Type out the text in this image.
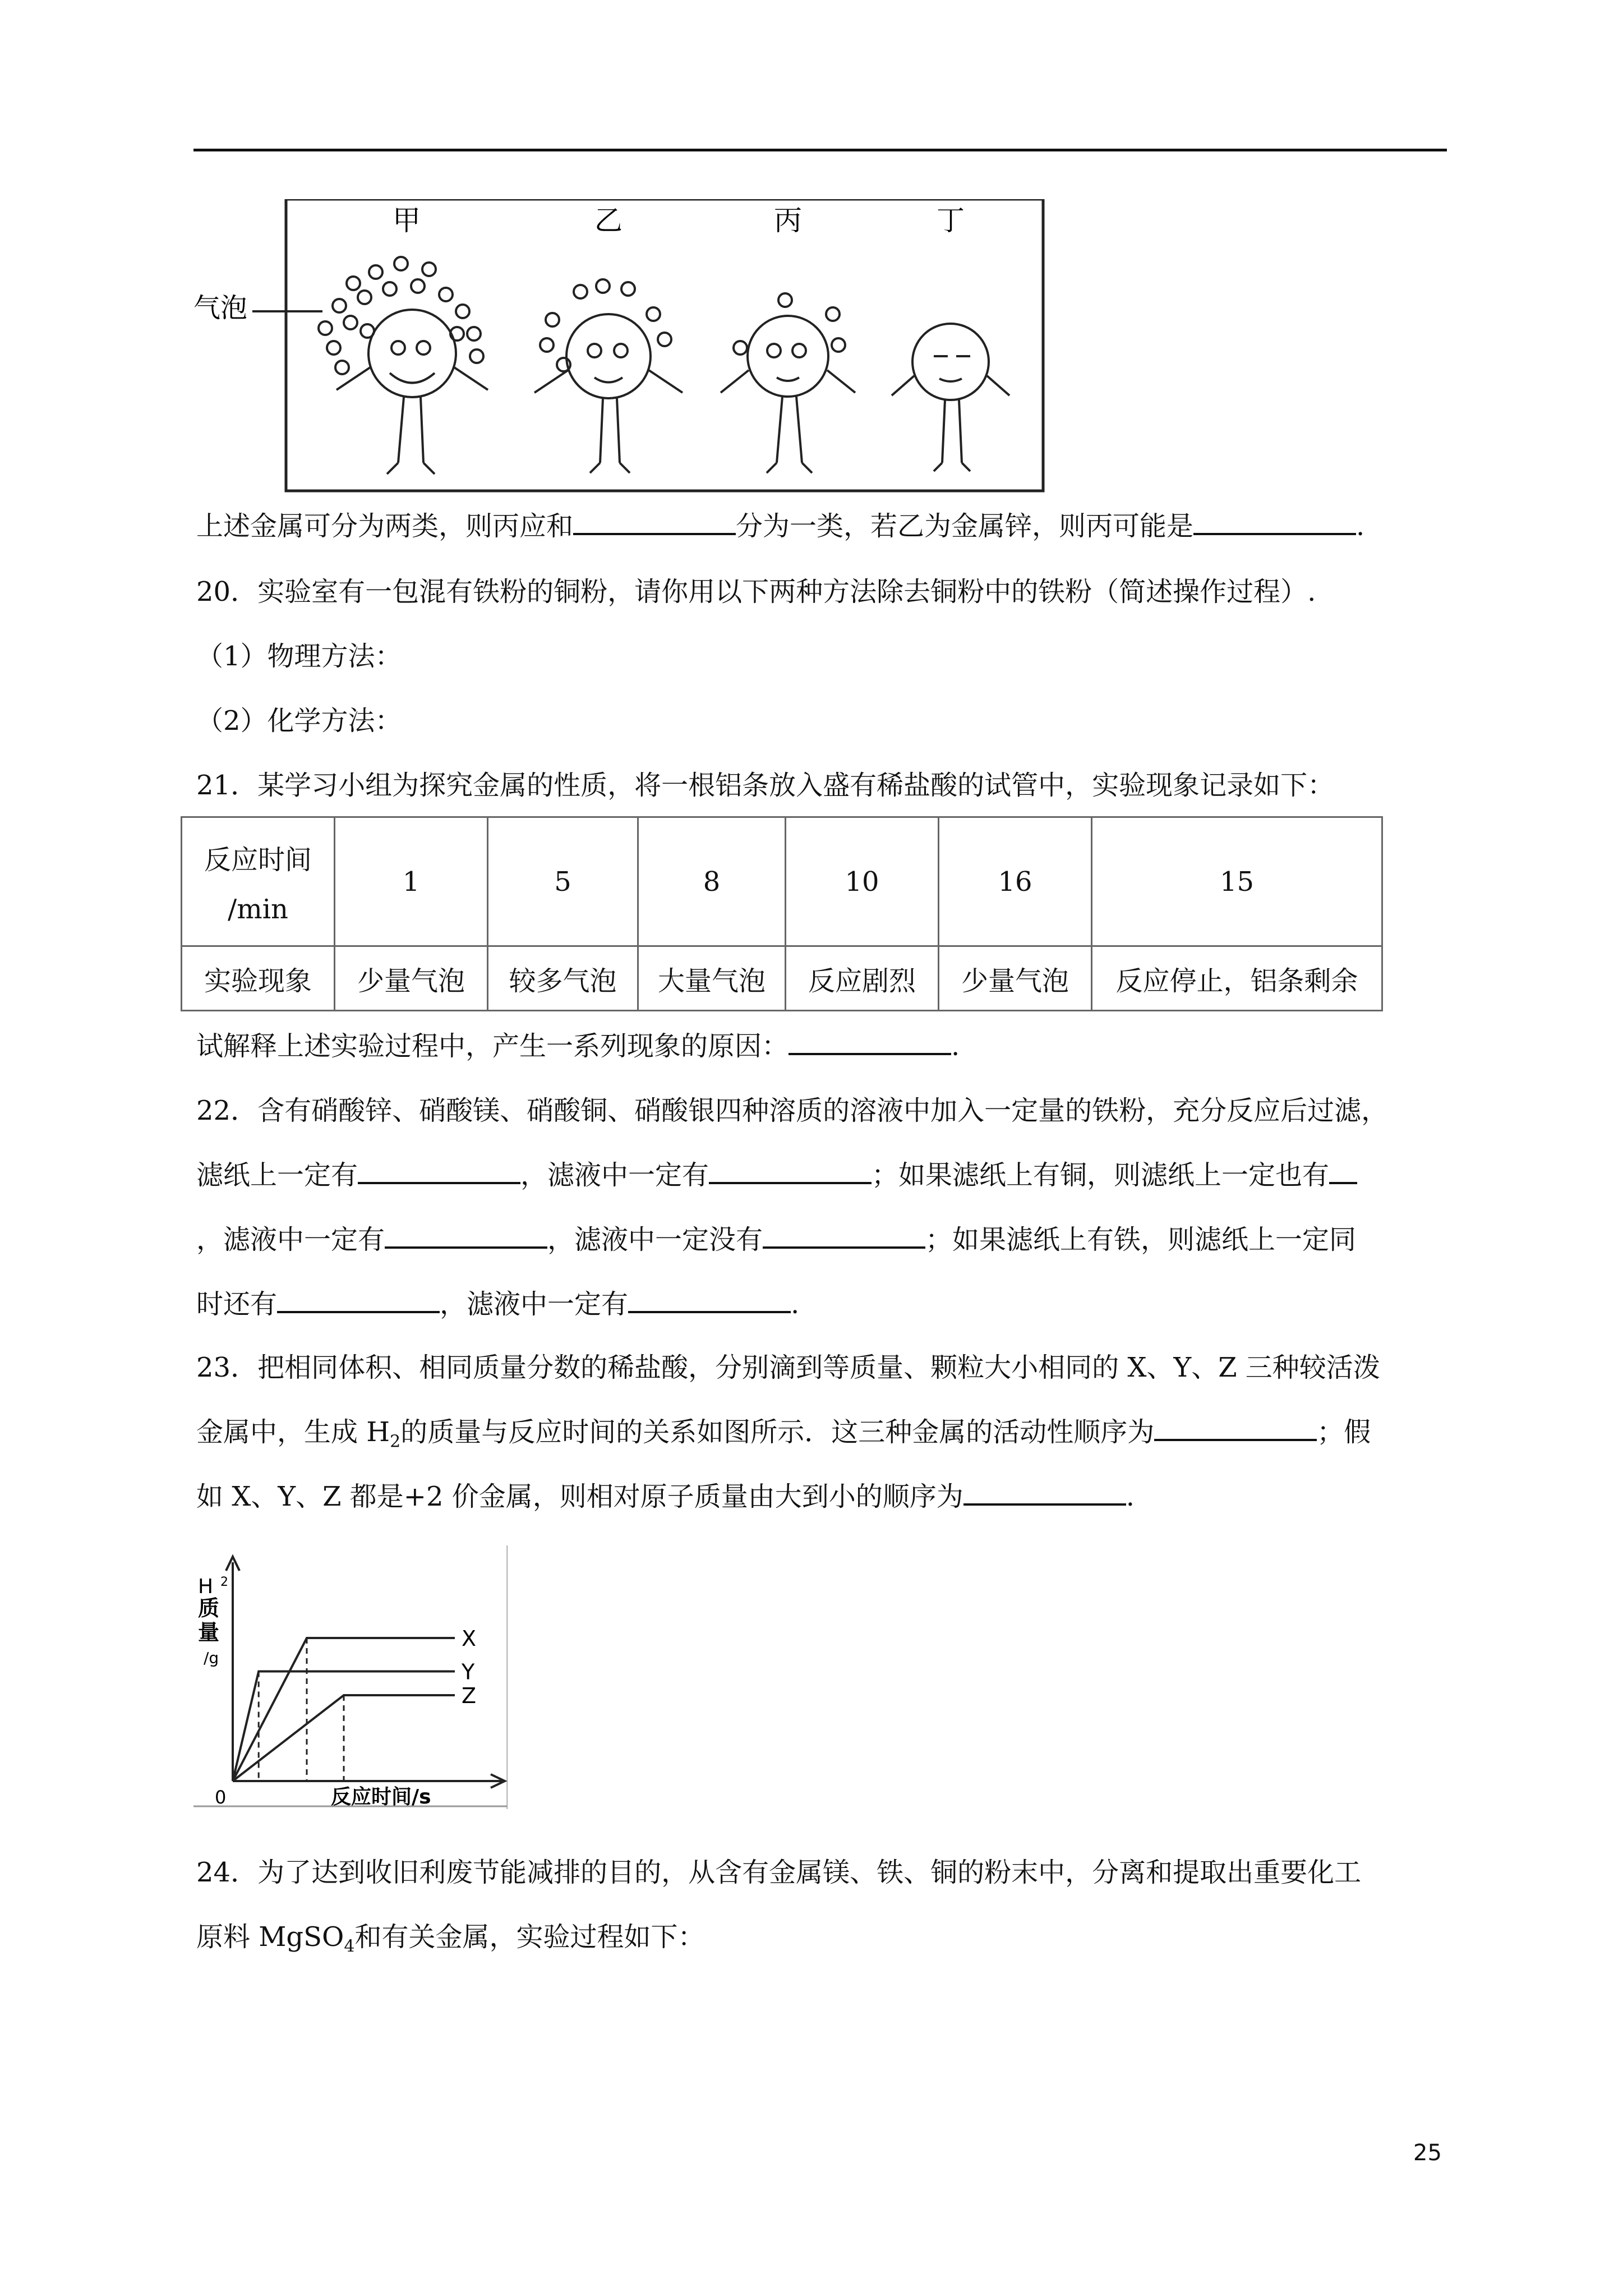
甲	乙	丙	丁
气泡
上述金属可分为两类，则丙应和	分为一类，若乙为金属锌，则丙可能是	.
20．实验室有一包混有铁粉的铜粉，请你用以下两种方法除去铜粉中的铁粉（简述操作过程）.
（1）物理方法：
（2）化学方法：
21．某学习小组为探究金属的性质，将一根铝条放入盛有稀盐酸的试管中，实验现象记录如下：
反应时间
/min	1	5	8	10	16	15
实验现象	少量气泡	较多气泡	大量气泡	反应剧烈	少量气泡	反应停止，铝条剩余
试解释上述实验过程中，产生一系列现象的原因：	.
22．含有硝酸锌、硝酸镁、硝酸铜、硝酸银四种溶质的溶液中加入一定量的铁粉，充分反应后过滤，
滤纸上一定有	，滤液中一定有	；如果滤纸上有铜，则滤纸上一定也有
，滤液中一定有	，滤液中一定没有	；如果滤纸上有铁，则滤纸上一定同
时还有	，滤液中一定有	.
23．把相同体积、相同质量分数的稀盐酸，分别滴到等质量、颗粒大小相同的 X、Y、Z 三种较活泼
金属中，生成 $H_2$的质量与反应时间的关系如图所示．这三种金属的活动性顺序为	；假
如 X、Y、Z 都是+2 价金属，则相对原子质量由大到小的顺序为	.
H 2
质
量
/g
0	反应时间/s
X
Y
Z
24．为了达到收旧利废节能减排的目的，从含有金属镁、铁、铜的粉末中，分离和提取出重要化工
原料 MgSO$_4$和有关金属，实验过程如下：
25
